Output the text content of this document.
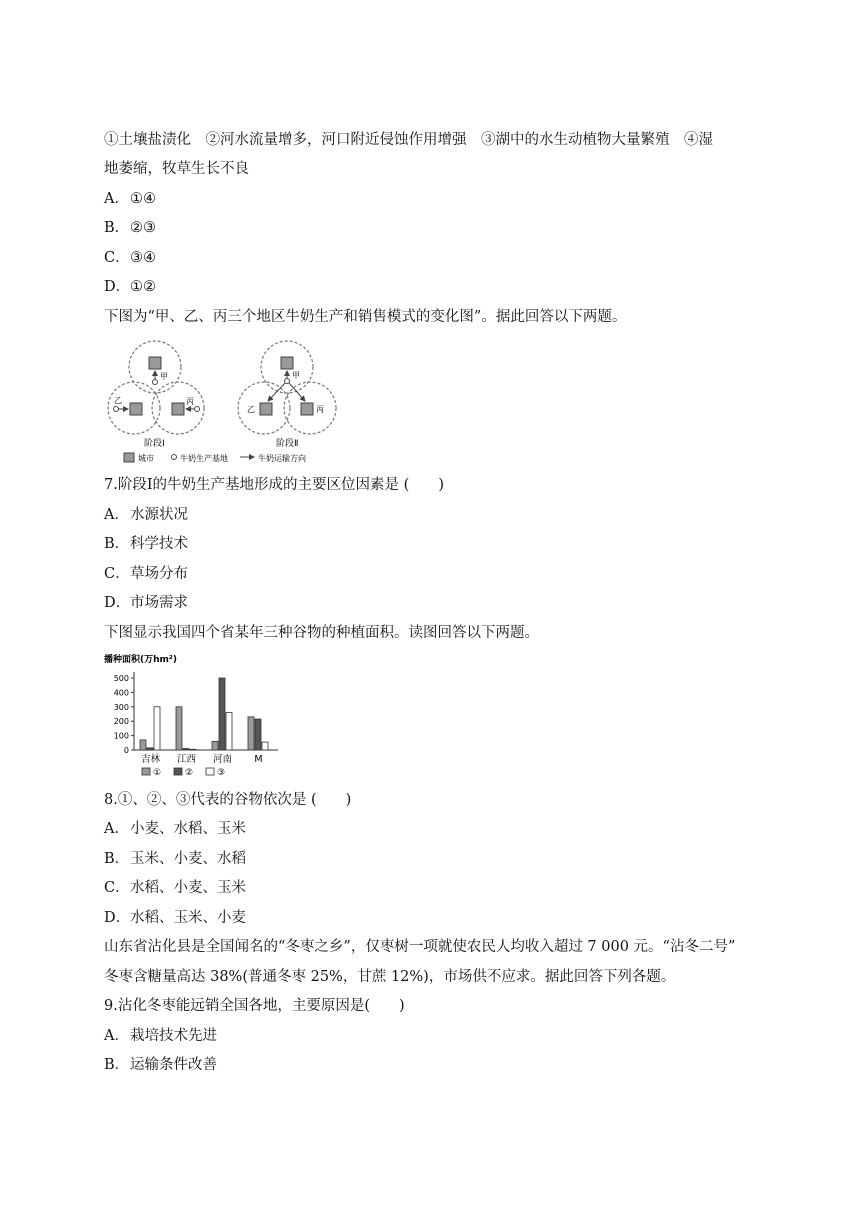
①土壤盐渍化　②河水流量增多，河口附近侵蚀作用增强　③湖中的水生动植物大量繁殖　④湿
地萎缩，牧草生长不良
A．①④
B．②③
C．③④
D．①②
下图为“甲、乙、丙三个地区牛奶生产和销售模式的变化图”。据此回答以下两题。
甲
乙	丙
阶段Ⅰ
甲
乙	丙
阶段Ⅱ
城市	牛奶生产基地	牛奶运输方向
7.阶段Ⅰ的牛奶生产基地形成的主要区位因素是 (　　)
A．水源状况
B．科学技术
C．草场分布
D．市场需求
下图显示我国四个省某年三种谷物的种植面积。读图回答以下两题。
播种面积(万hm²)
0
100
200
300
400
500
吉林 江西 河南 M
①	②	③
8.①、②、③代表的谷物依次是 (　　)
A．小麦、水稻、玉米
B．玉米、小麦、水稻
C．水稻、小麦、玉米
D．水稻、玉米、小麦
山东省沾化县是全国闻名的“冬枣之乡”，仅枣树一项就使农民人均收入超过 7 000 元。“沾冬二号”
冬枣含糖量高达 38%(普通冬枣 25%，甘蔗 12%)，市场供不应求。据此回答下列各题。
9.沾化冬枣能远销全国各地，主要原因是(　　)
A．栽培技术先进
B．运输条件改善
